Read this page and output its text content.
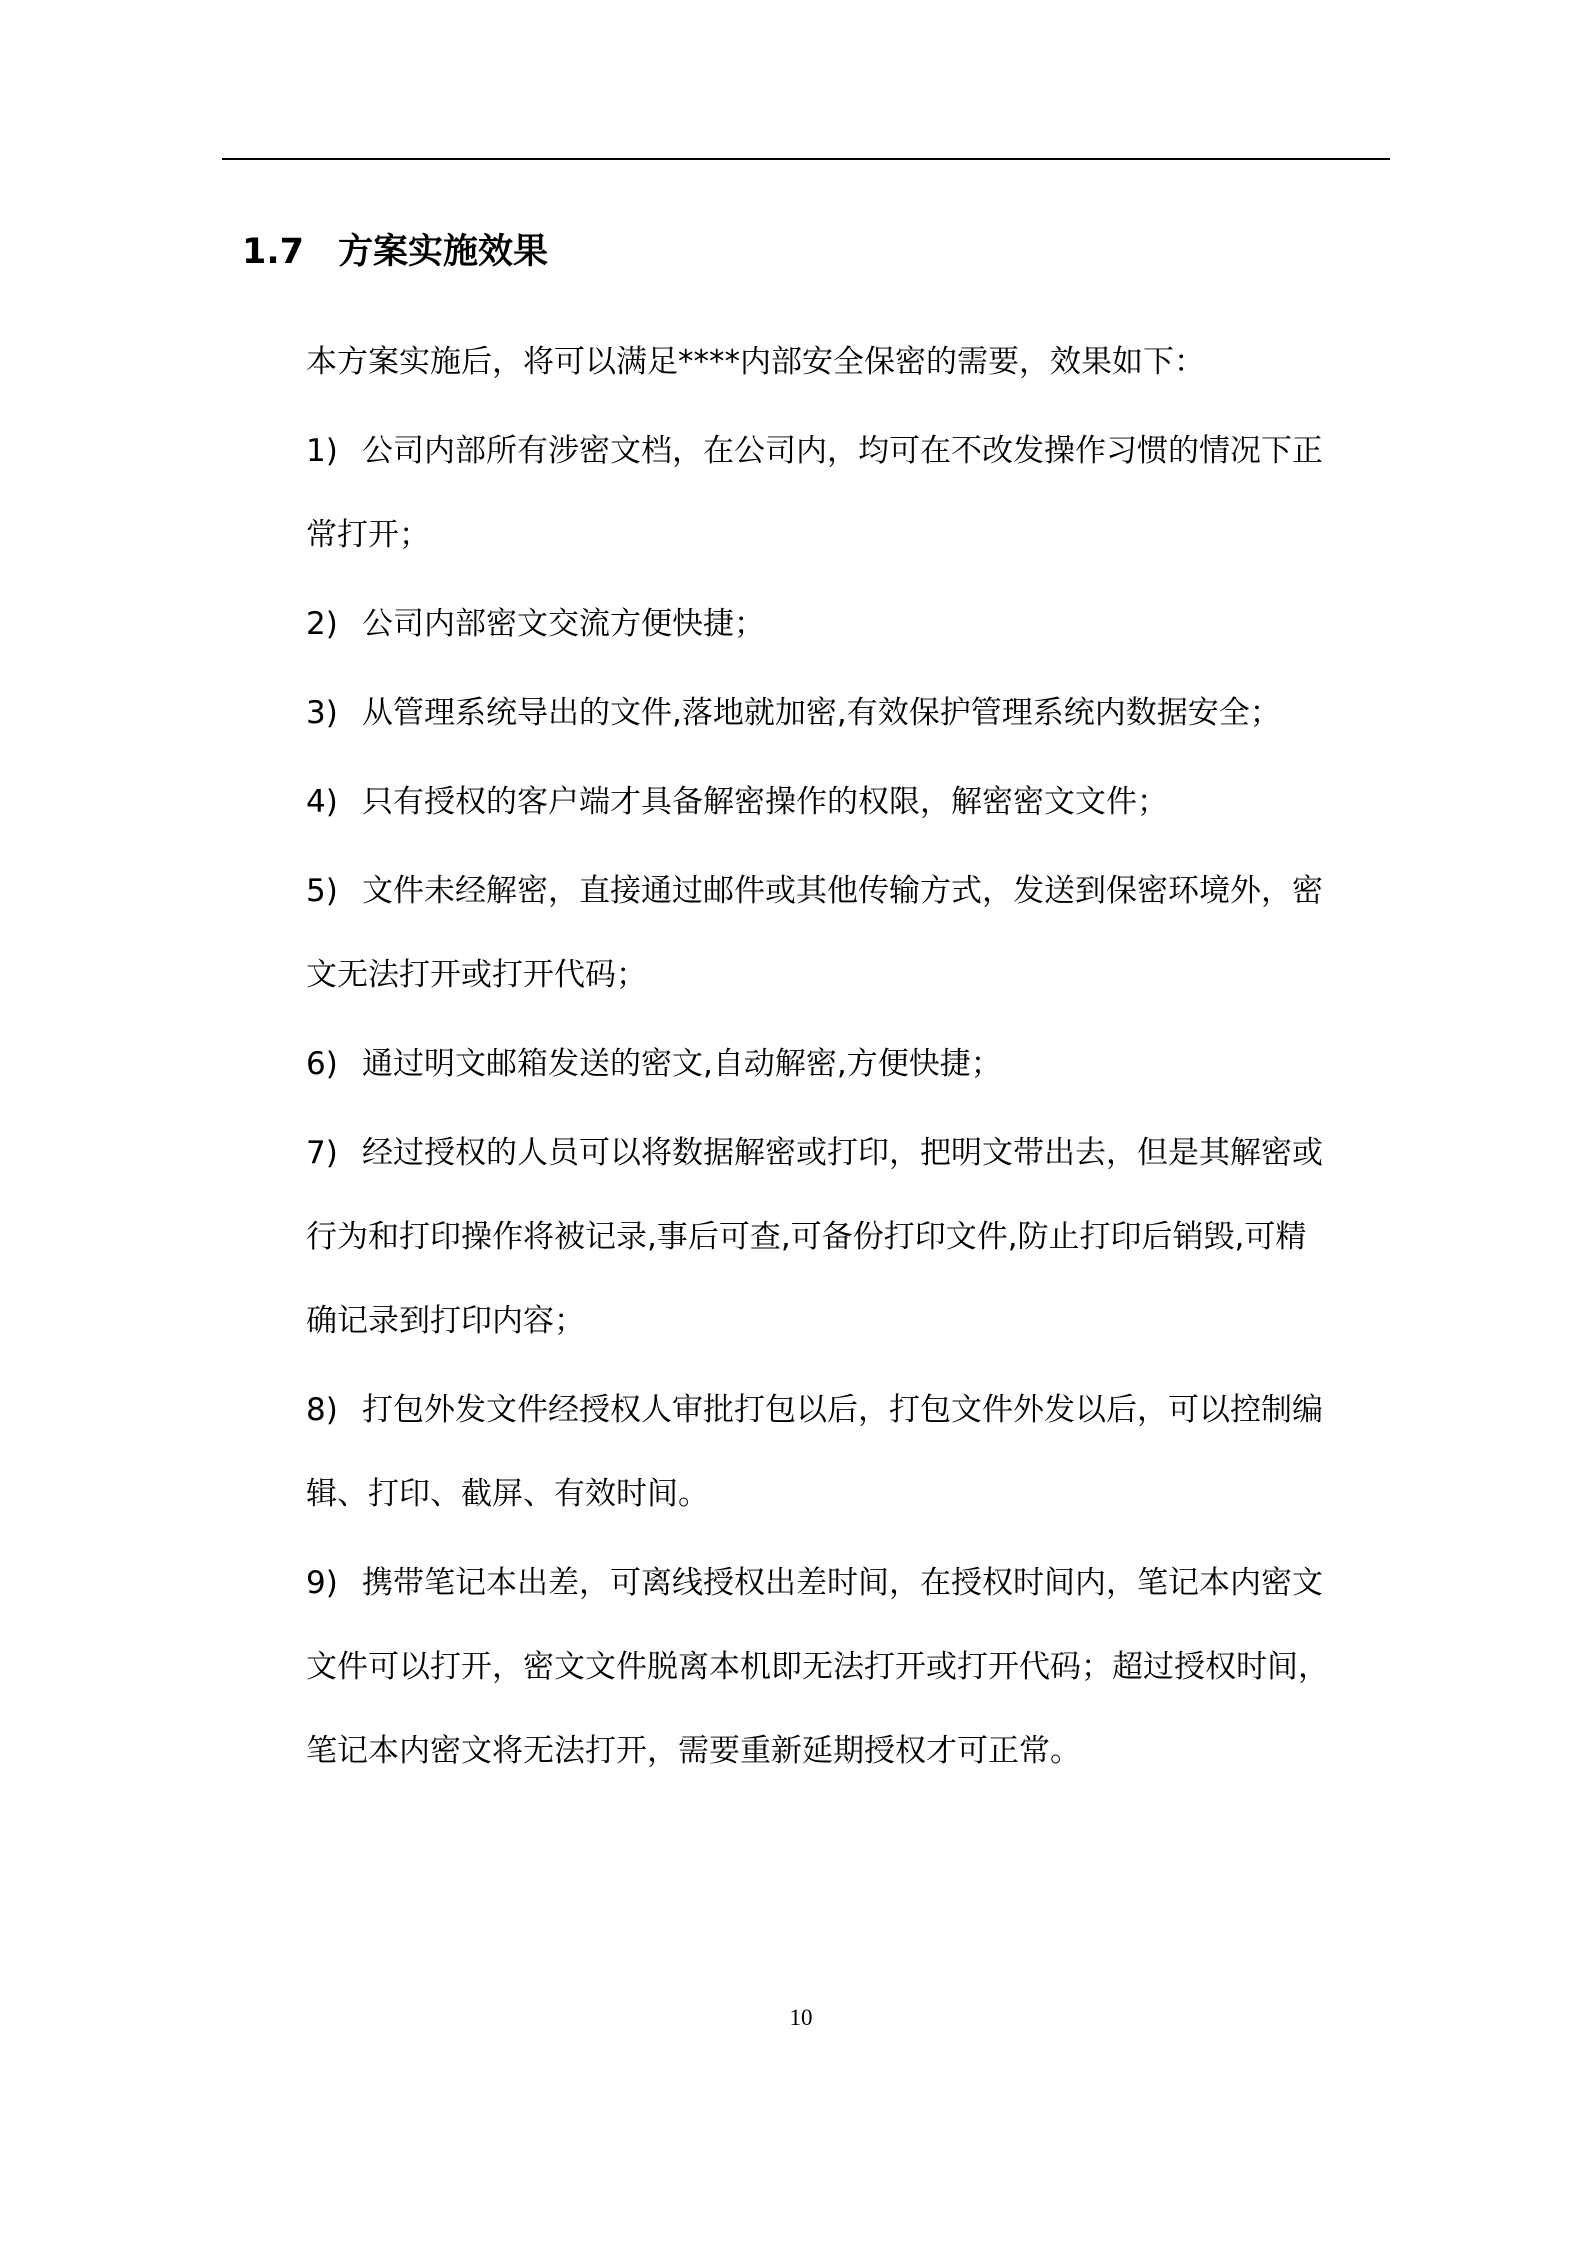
1.7 方案实施效果
本方案实施后，将可以满足****内部安全保密的需要，效果如下：
1) 公司内部所有涉密文档，在公司内，均可在不改发操作习惯的情况下正
常打开；
2) 公司内部密文交流方便快捷；
3) 从管理系统导出的文件,落地就加密,有效保护管理系统内数据安全；
4) 只有授权的客户端才具备解密操作的权限，解密密文文件；
5) 文件未经解密，直接通过邮件或其他传输方式，发送到保密环境外，密
文无法打开或打开代码；
6) 通过明文邮箱发送的密文,自动解密,方便快捷；
7) 经过授权的人员可以将数据解密或打印，把明文带出去，但是其解密或
行为和打印操作将被记录,事后可查,可备份打印文件,防止打印后销毁,可精
确记录到打印内容；
8) 打包外发文件经授权人审批打包以后，打包文件外发以后，可以控制编
辑、打印、截屏、有效时间。
9) 携带笔记本出差，可离线授权出差时间，在授权时间内，笔记本内密文
文件可以打开，密文文件脱离本机即无法打开或打开代码；超过授权时间，
笔记本内密文将无法打开，需要重新延期授权才可正常。
10
